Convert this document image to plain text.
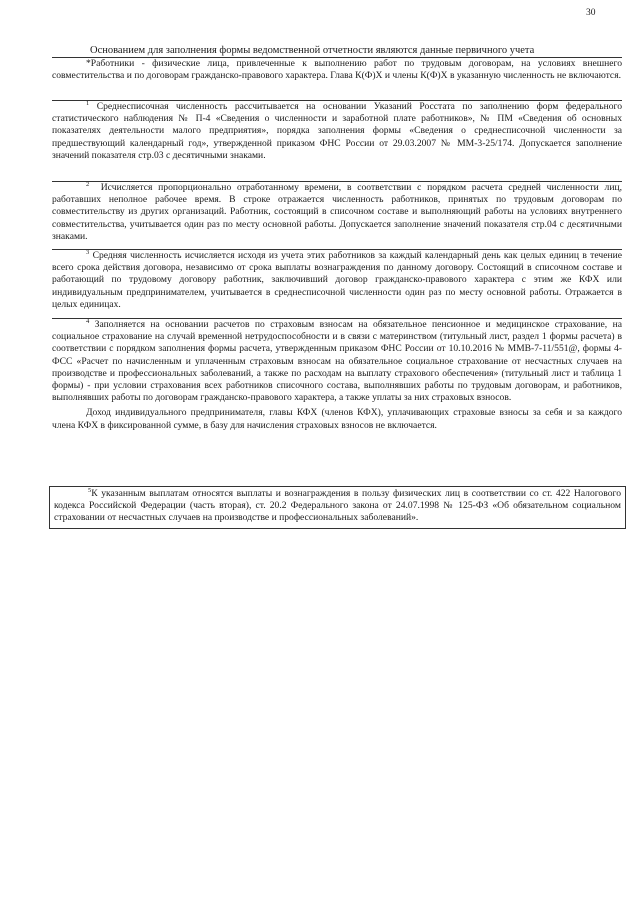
30
Основанием для заполнения формы ведомственной отчетности являются данные первичного учета

*Работники - физические лица, привлеченные к выполнению работ по трудовым договорам, на условиях внешнего совместительства и по договорам гражданско-правового характера. Глава К(Ф)Х и члены К(Ф)Х в указанную численность не включаются.

$^1$ Среднесписочная численность рассчитывается на основании Указаний Росстата по заполнению форм федерального статистического наблюдения № П-4 «Сведения о численности и заработной плате работников», № ПМ «Сведения об основных показателях деятельности малого предприятия», порядка заполнения формы «Сведения о среднесписочной численности за предшествующий календарный год», утвержденной приказом ФНС России от 29.03.2007 № ММ-3-25/174. Допускается заполнение значений показателя стр.03 с десятичными знаками.

$^2$ Исчисляется пропорционально отработанному времени, в соответствии с порядком расчета средней численности лиц, работавших неполное рабочее время. В строке отражается численность работников, принятых по трудовым договорам по совместительству из других организаций. Работник, состоящий в списочном составе и выполняющий работы на условиях внутреннего совместительства, учитывается один раз по месту основной работы. Допускается заполнение значений показателя стр.04 с десятичными знаками.

$^3$ Средняя численность исчисляется исходя из учета этих работников за каждый календарный день как целых единиц в течение всего срока действия договора, независимо от срока выплаты вознаграждения по данному договору. Состоящий в списочном составе и работающий по трудовому договору работник, заключивший договор гражданско-правового характера с этим же КФХ или индивидуальным предпринимателем, учитывается в среднесписочной численности один раз по месту основной работы. Отражается в целых единицах.

$^4$ Заполняется на основании расчетов по страховым взносам на обязательное пенсионное и медицинское страхование, на социальное страхование на случай временной нетрудоспособности и в связи с материнством (титульный лист, раздел 1 формы расчета) в соответствии с порядком заполнения формы расчета, утвержденным приказом ФНС России от 10.10.2016 № ММВ-7-11/551@, формы 4-ФСС «Расчет по начисленным и уплаченным страховым взносам на обязательное социальное страхование от несчастных случаев на производстве и профессиональных заболеваний, а также по расходам на выплату страхового обеспечения» (титульный лист и таблица 1 формы) - при условии страхования всех работников списочного состава, выполнявших работы по трудовым договорам, и работников, выполнявших работы по договорам гражданско-правового характера, а также уплаты за них страховых взносов.

Доход индивидуального предпринимателя, главы КФХ (членов КФХ), уплачивающих страховые взносы за себя и за каждого члена КФХ в фиксированной сумме, в базу для начисления страховых взносов не включается.

$^5$К указанным выплатам относятся выплаты и вознаграждения в пользу физических лиц в соответствии со ст. 422 Налогового кодекса Российской Федерации (часть вторая), ст. 20.2 Федерального закона от 24.07.1998 № 125-ФЗ «Об обязательном социальном страховании от несчастных случаев на производстве и профессиональных заболеваний».
